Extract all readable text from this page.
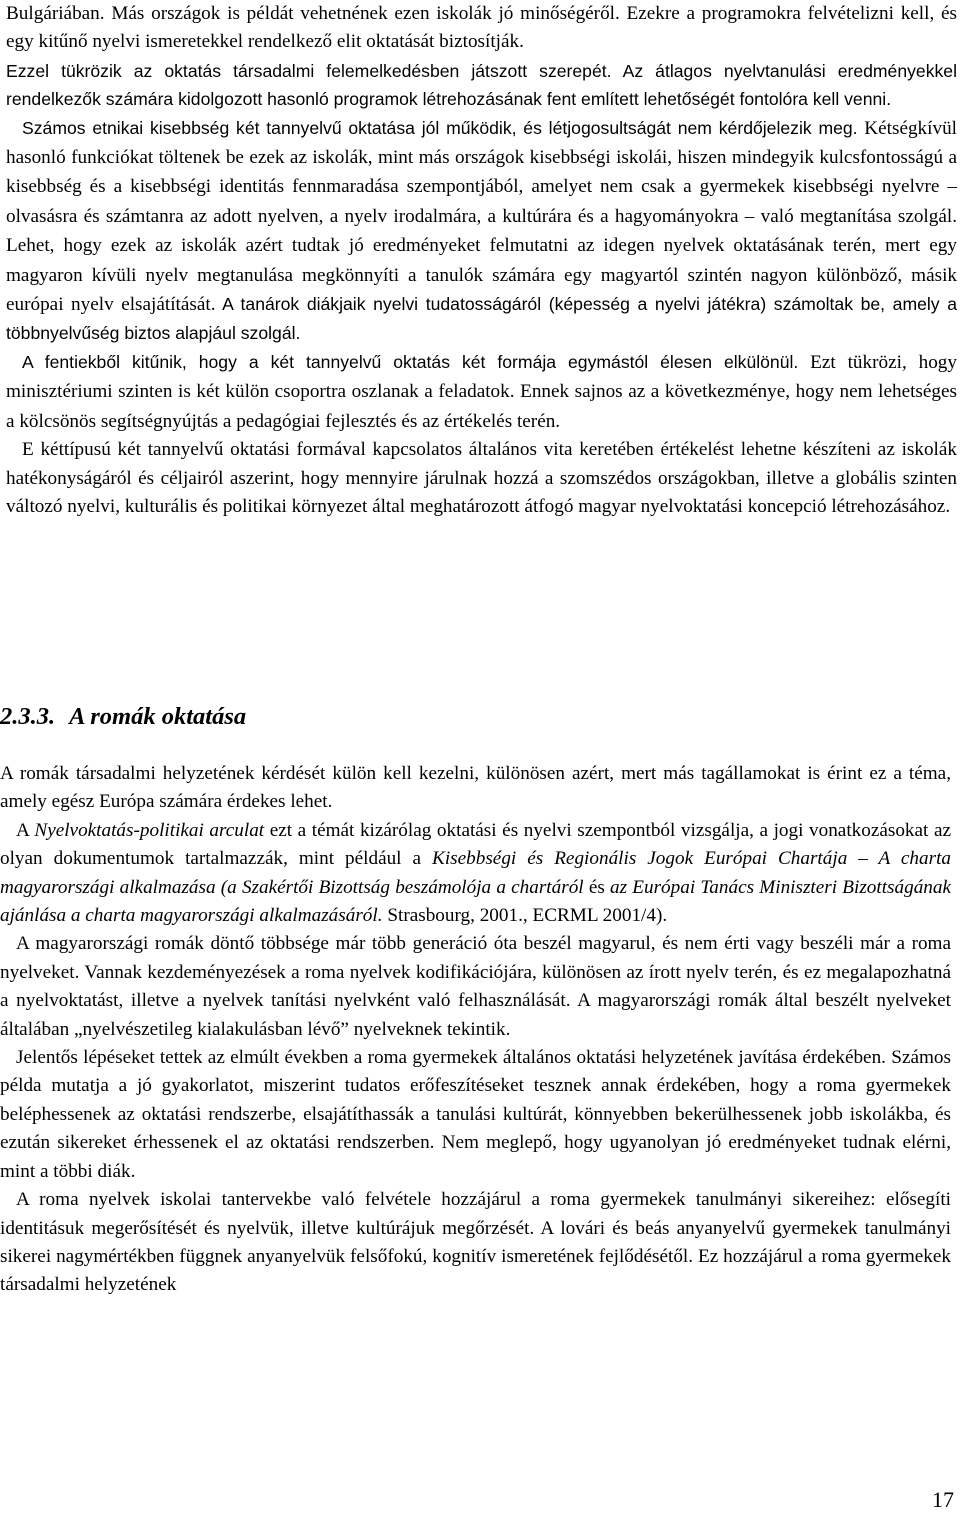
Bulgáriában. Más országok is példát vehetnének ezen iskolák jó minőségéről. Ezekre a programokra felvételizni kell, és egy kitűnő nyelvi ismeretekkel rendelkező elit oktatását biztosítják.

Ezzel tükrözik az oktatás társadalmi felemelkedésben játszott szerepét. Az átlagos nyelvtanulási eredményekkel rendelkezők számára kidolgozott hasonló programok létrehozásának fent említett lehetőségét fontolóra kell venni.

Számos etnikai kisebbség két tannyelvű oktatása jól működik, és létjogosultságát nem kérdőjelezik meg. Kétségkívül hasonló funkciókat töltenek be ezek az iskolák, mint más országok kisebbségi iskolái, hiszen mindegyik kulcsfontosságú a kisebbség és a kisebbségi identitás fennmaradása szempontjából, amelyet nem csak a gyermekek kisebbségi nyelvre – olvasásra és számtanra az adott nyelven, a nyelv irodalmára, a kultúrára és a hagyományokra – való megtanítása szolgál. Lehet, hogy ezek az iskolák azért tudtak jó eredményeket felmutatni az idegen nyelvek oktatásának terén, mert egy magyaron kívüli nyelv megtanulása megkönnyíti a tanulók számára egy magyartól szintén nagyon különböző, másik európai nyelv elsajátítását. A tanárok diákjaik nyelvi tudatosságáról (képesség a nyelvi játékra) számoltak be, amely a többnyelvűség biztos alapjául szolgál.

A fentiekből kitűnik, hogy a két tannyelvű oktatás két formája egymástól élesen elkülönül. Ezt tükrözi, hogy minisztériumi szinten is két külön csoportra oszlanak a feladatok. Ennek sajnos az a következménye, hogy nem lehetséges a kölcsönös segítségnyújtás a pedagógiai fejlesztés és az értékelés terén.

E kéttípusú két tannyelvű oktatási formával kapcsolatos általános vita keretében értékelést lehetne készíteni az iskolák hatékonyságáról és céljairól aszerint, hogy mennyire járulnak hozzá a szomszédos országokban, illetve a globális szinten változó nyelvi, kulturális és politikai környezet által meghatározott átfogó magyar nyelvoktatási koncepció létrehozásához.

2.3.3. A romák oktatása

A romák társadalmi helyzetének kérdését külön kell kezelni, különösen azért, mert más tagállamokat is érint ez a téma, amely egész Európa számára érdekes lehet.

A Nyelvoktatás-politikai arculat ezt a témát kizárólag oktatási és nyelvi szempontból vizsgálja, a jogi vonatkozásokat az olyan dokumentumok tartalmazzák, mint például a Kisebbségi és Regionális Jogok Európai Chartája – A charta magyarországi alkalmazása (a Szakértői Bizottság beszámolója a chartáról és az Európai Tanács Miniszteri Bizottságának ajánlása a charta magyarországi alkalmazásáról. Strasbourg, 2001., ECRML 2001/4).

A magyarországi romák döntő többsége már több generáció óta beszél magyarul, és nem érti vagy beszéli már a roma nyelveket. Vannak kezdeményezések a roma nyelvek kodifikációjára, különösen az írott nyelv terén, és ez megalapozhatná a nyelvoktatást, illetve a nyelvek tanítási nyelvként való felhasználását. A magyarországi romák által beszélt nyelveket általában „nyelvészetileg kialakulásban lévő” nyelveknek tekintik.

Jelentős lépéseket tettek az elmúlt években a roma gyermekek általános oktatási helyzetének javítása érdekében. Számos példa mutatja a jó gyakorlatot, miszerint tudatos erőfeszítéseket tesznek annak érdekében, hogy a roma gyermekek beléphessenek az oktatási rendszerbe, elsajátíthassák a tanulási kultúrát, könnyebben bekerülhessenek jobb iskolákba, és ezután sikereket érhessenek el az oktatási rendszerben. Nem meglepő, hogy ugyanolyan jó eredményeket tudnak elérni, mint a többi diák.

A roma nyelvek iskolai tantervekbe való felvétele hozzájárul a roma gyermekek tanulmányi sikereihez: elősegíti identitásuk megerősítését és nyelvük, illetve kultúrájuk megőrzését. A lovári és beás anyanyelvű gyermekek tanulmányi sikerei nagymértékben függnek anyanyelvük felsőfokú, kognitív ismeretének fejlődésétől. Ez hozzájárul a roma gyermekek társadalmi helyzetének

17
